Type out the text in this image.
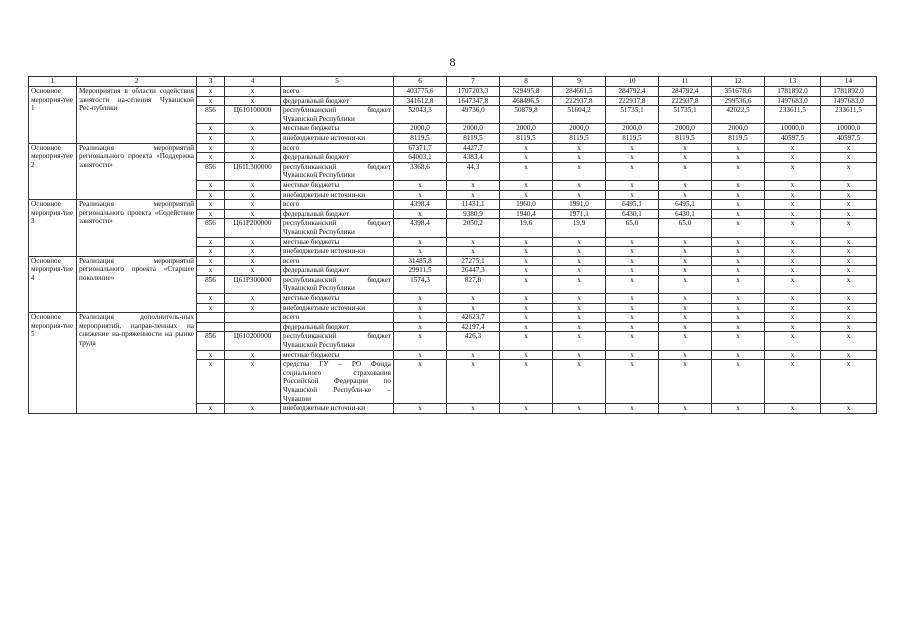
8
1	2	3	4	5	6	7	8	9	10	11	12	13	14
Основное мероприя-тие 1	Мероприятия в области содействия занятости на-селения Чувашской Рес-публики	x	x	всего	403775,6	1707203,3	529495,8	284661,5	284792,4	284792,4	351678,6	1781892,0	1781892,0
		x	x	федеральный бюджет	341612,8	1647347,8	468496,5	222937,8	222937,8	222937,8	299536,6	1497683,0	1497683,0
		856	Ц610100000	республиканский бюджет Чувашской Республики	52043,3	49736,0	50879,8	51604,2	51735,1	51735,1	42022,5	233611,5	233611,5
		x	x	местные бюджеты	2000,0	2000,0	2000,0	2000,0	2000,0	2000,0	2000,0	10000,0	10000,0
		x	x	внебюджетные источни-ки	8119,5	8119,5	8119,5	8119,5	8119,5	8119,5	8119,5	40597,5	40597,5
Основное мероприя-тие 2	Реализация мероприятий регионального проекта «Поддержка занятости»	x	x	всего	67371,7	4427,7	x	x	x	x	x	x	x
		x	x	федеральный бюджет	64003,1	4383,4	x	x	x	x	x	x	x
		856	Ц61L300000	республиканский бюджет Чувашской Республики	3368,6	44,3	x	x	x	x	x	x	x
		x	x	местные бюджеты	x	x	x	x	x	x	x	x	x
		x	x	внебюджетные источни-ки	x	x	x	x	x	x	x	x	x
Основное мероприя-тие 3	Реализация мероприятий регионального проекта «Содействие занятости»	x	x	всего	4398,4	11431,1	1960,0	1991,0	6495,1	6495,1	x	x	x
		x	x	федеральный бюджет	x	9380,9	1940,4	1971,1	6430,1	6430,1	x	x	x
		856	Ц61P200000	республиканский бюджет Чувашской Республики	4398,4	2050,2	19,6	19,9	65,0	65,0	x	x	x
		x	x	местные бюджеты	x	x	x	x	x	x	x	x	x
		x	x	внебюджетные источни-ки	x	x	x	x	x	x	x	x	x
Основное мероприя-тие 4	Реализация мероприятий регионального проекта «Старшее поколение»	x	x	всего	31485,8	27275,1	x	x	x	x	x	x	x
		x	x	федеральный бюджет	29911,5	26447,3	x	x	x	x	x	x	x
		856	Ц61P300000	республиканский бюджет Чувашской Республики	1574,3	827,8	x	x	x	x	x	x	x
		x	x	местные бюджеты	x	x	x	x	x	x	x	x	x
		x	x	внебюджетные источни-ки	x	x	x	x	x	x	x	x	x
Основное мероприя-тие 5	Реализация дополнитель-ных мероприятий, направ-ленных на снижение на-пряженности на рынке труда			всего	x	42623,7	x	x	x	x	x	x	x
				федеральный бюджет	x	42197,4	x	x	x	x	x	x	x
		856	Ц610200000	республиканский бюджет Чувашской Республики	x	426,3	x	x	x	x	x	x	x
		x	x	местные бюджеты	x	x	x	x	x	x	x	x	x
		x	x	средства ГУ – РО Фонда социального страхования Российской Федерации по Чувашской Республи-ке – Чувашии	x	x	x	x	x	x	x	x	x
		x	x	внебюджетные источни-ки	x	x	x	x	x	x	x	x	x
